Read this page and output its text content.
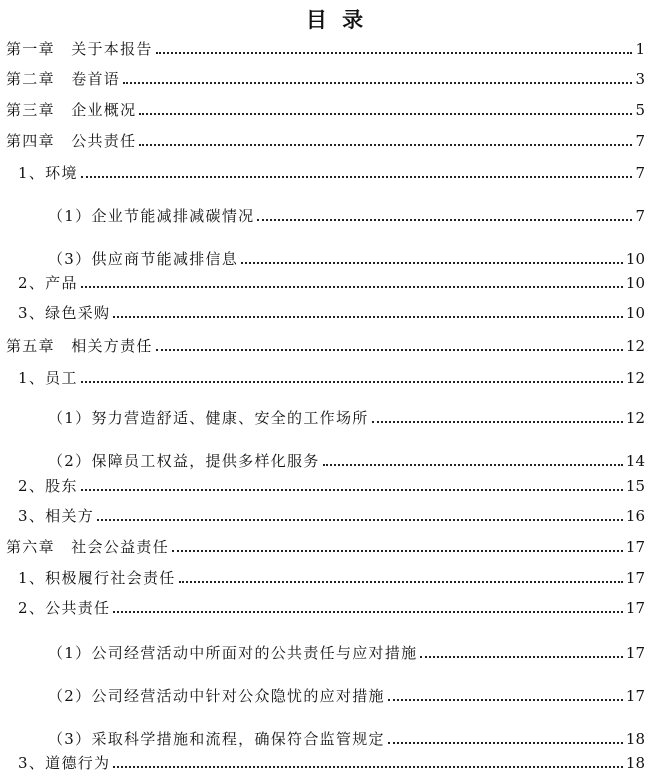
目 录
第一章　关于本报告	1
第二章　卷首语	3
第三章　企业概况	5
第四章　公共责任	7
1、环境	7
（1）企业节能减排减碳情况	7
（3）供应商节能减排信息	10
2、产品	10
3、绿色采购	10
第五章　相关方责任	12
1、员工	12
（1）努力营造舒适、健康、安全的工作场所	12
（2）保障员工权益，提供多样化服务	14
2、股东	15
3、相关方	16
第六章　社会公益责任	17
1、积极履行社会责任	17
2、公共责任	17
（1）公司经营活动中所面对的公共责任与应对措施	17
（2）公司经营活动中针对公众隐忧的应对措施	17
（3）采取科学措施和流程，确保符合监管规定	18
3、道德行为	18
